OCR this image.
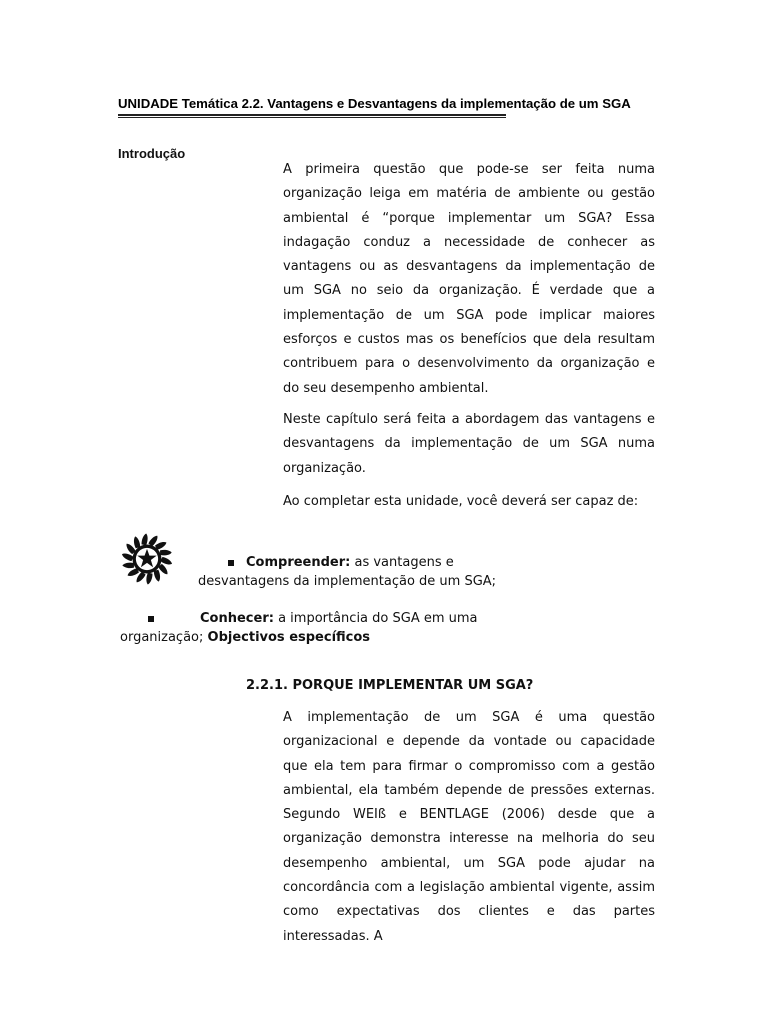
UNIDADE Temática 2.2. Vantagens e Desvantagens da implementação de um SGA
Introdução

A primeira questão que pode-se ser feita numa organização leiga em matéria de ambiente ou gestão ambiental é “porque implementar um SGA? Essa indagação conduz a necessidade de conhecer as vantagens ou as desvantagens da implementação de um SGA no seio da organização. É verdade que a implementação de um SGA pode implicar maiores esforços e custos mas os benefícios que dela resultam contribuem para o desenvolvimento da organização e do seu desempenho ambiental.

Neste capítulo será feita a abordagem das vantagens e desvantagens da implementação de um SGA numa organização.

Ao completar esta unidade, você deverá ser capaz de:

Compreender: as vantagens e
desvantagens da implementação de um SGA;
Conhecer: a importância do SGA em uma
organização; Objectivos específicos
2.2.1. PORQUE IMPLEMENTAR UM SGA?

A implementação de um SGA é uma questão organizacional e depende da vontade ou capacidade que ela tem para firmar o compromisso com a gestão ambiental, ela também depende de pressões externas. Segundo WEIß e BENTLAGE (2006) desde que a organização demonstra interesse na melhoria do seu desempenho ambiental, um SGA pode ajudar na concordância com a legislação ambiental vigente, assim como expectativas dos clientes e das partes interessadas. A
